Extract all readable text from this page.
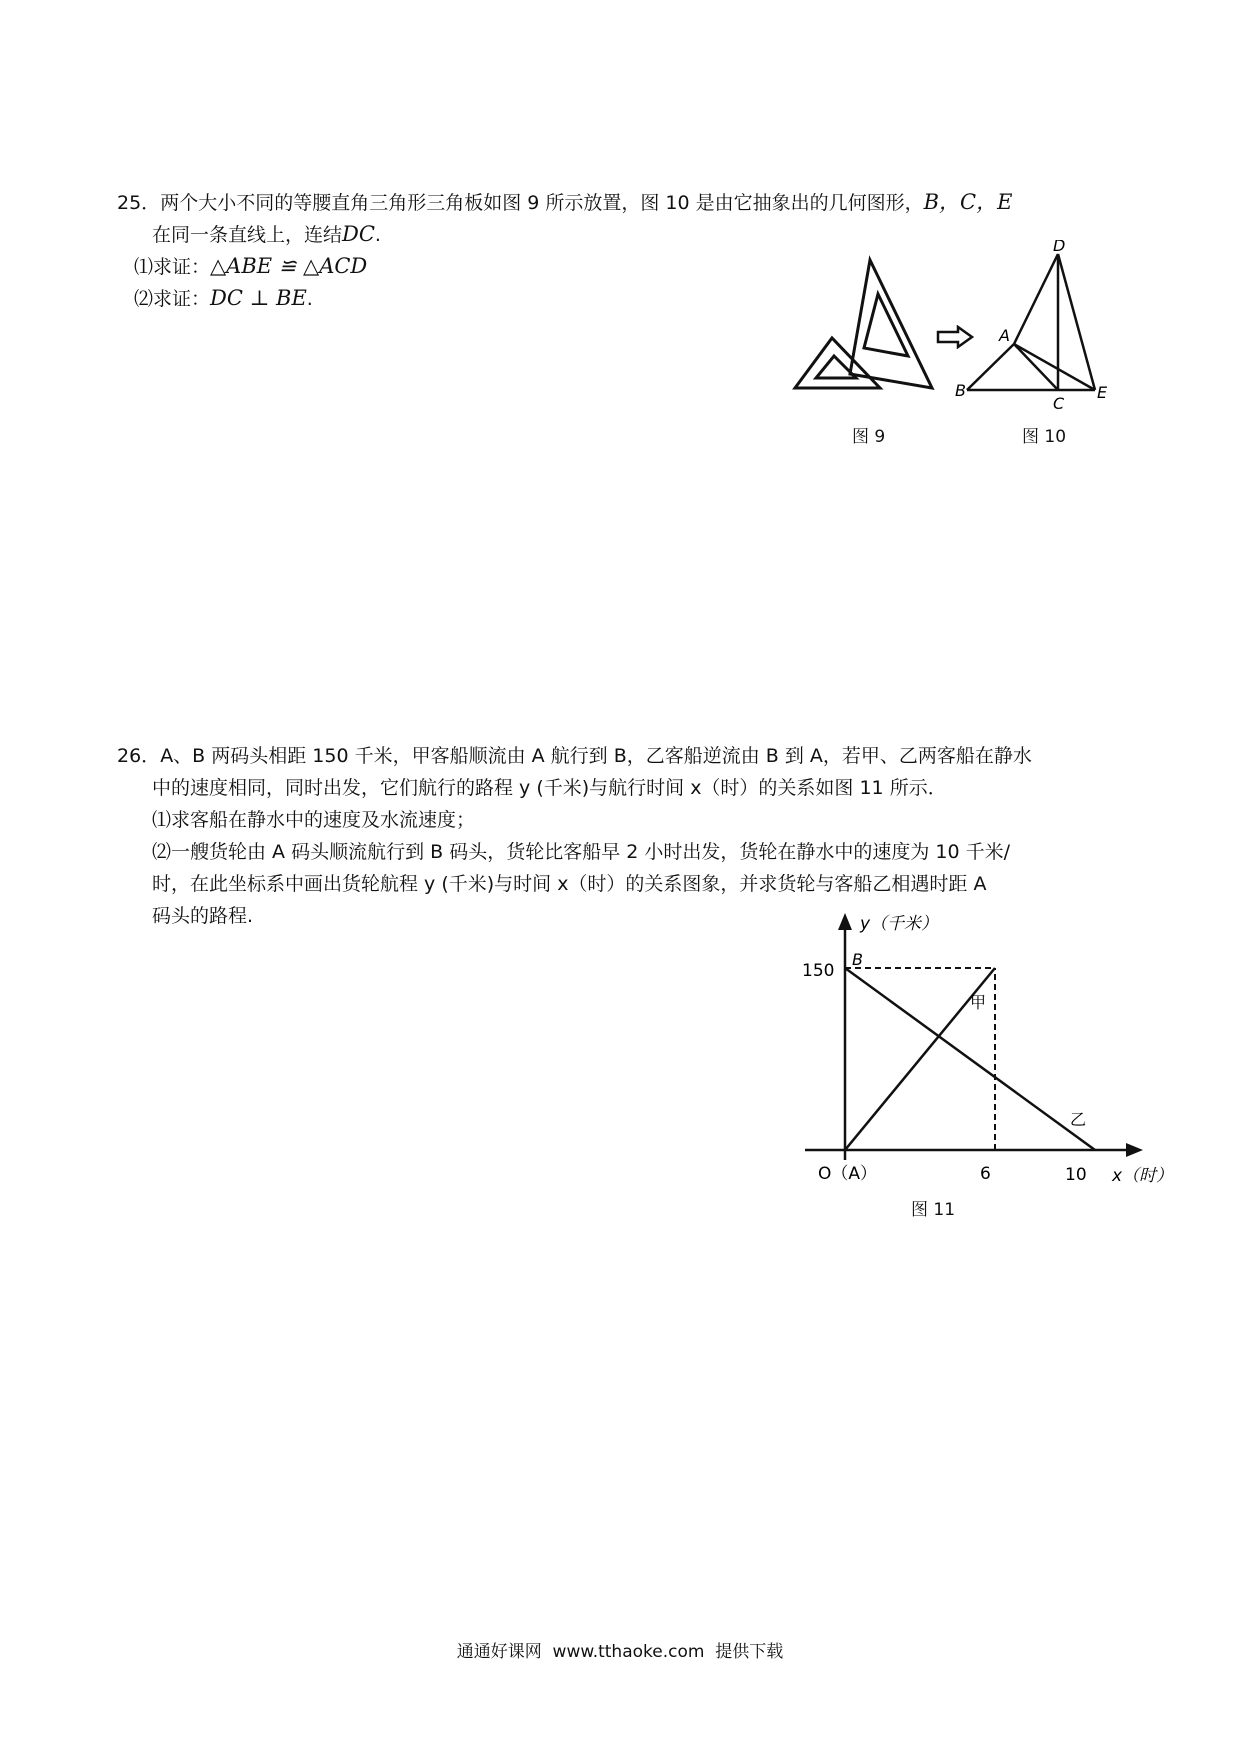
25．两个大小不同的等腰直角三角形三角板如图 9 所示放置，图 10 是由它抽象出的几何图形，B，C，E
在同一条直线上，连结DC.
⑴求证：△ABE ≌ △ACD
⑵求证：DC ⊥ BE.
图 9
D
A
B
C
E
图 10
26．A、B 两码头相距 150 千米，甲客船顺流由 A 航行到 B，乙客船逆流由 B 到 A，若甲、乙两客船在静水
中的速度相同，同时出发，它们航行的路程 y (千米)与航行时间 x（时）的关系如图 11 所示．
⑴求客船在静水中的速度及水流速度；
⑵一艘货轮由 A 码头顺流航行到 B 码头，货轮比客船早 2 小时出发，货轮在静水中的速度为 10 千米/
时，在此坐标系中画出货轮航程 y (千米)与时间 x（时）的关系图象，并求货轮与客船乙相遇时距 A
码头的路程.	y（千米）
150
B
甲
乙
O（A）	6	10 x（时）
图 11
通通好课网  www.tthaoke.com  提供下载
